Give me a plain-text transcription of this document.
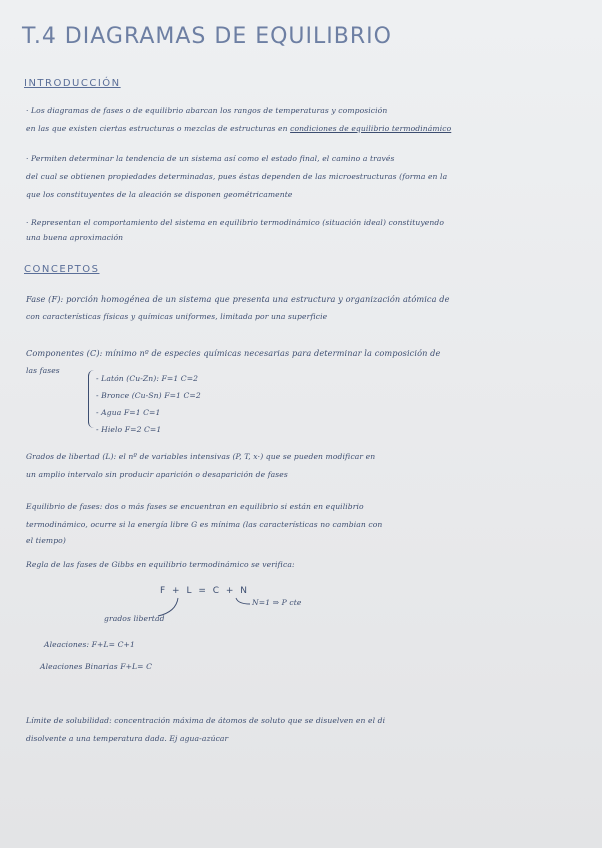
T.4 DIAGRAMAS DE EQUILIBRIO
INTRODUCCIÓN
· Los diagramas de fases o de equilibrio abarcan los rangos de temperaturas y composición
en las que existen ciertas estructuras o mezclas de estructuras en condiciones de equilibrio termodinámico
· Permiten determinar la tendencia de un sistema así como el estado final, el camino a través
del cual se obtienen propiedades determinadas, pues éstas dependen de las microestructuras (forma en la
que los constituyentes de la aleación se disponen geométricamente
· Representan el comportamiento del sistema en equilibrio termodinámico (situación ideal) constituyendo
una buena aproximación
CONCEPTOS
Fase (F): porción homogénea de un sistema que presenta una estructura y organización atómica de
con características físicas y químicas uniformes, limitada por una superficie
Componentes (C): mínimo nº de especies químicas necesarias para determinar la composición de
las fases
- Latón (Cu-Zn): F=1 C=2
- Bronce (Cu-Sn) F=1 C=2
- Agua F=1 C=1
- Hielo F=2 C=1
Grados de libertad (L): el nº de variables intensivas (P, T, x·) que se pueden modificar en
un amplio intervalo sin producir aparición o desaparición de fases
Equilibrio de fases: dos o más fases se encuentran en equilibrio si están en equilibrio
termodinámico, ocurre si la energía libre G es mínima (las características no cambian con
el tiempo)
Regla de las fases de Gibbs en equilibrio termodinámico se verifica:
F + L = C + N
N=1 ⇒ P cte
grados libertad
Aleaciones: F+L= C+1
Aleaciones Binarias F+L= C
Límite de solubilidad: concentración máxima de átomos de soluto que se disuelven en el di
disolvente a una temperatura dada. Ej agua-azúcar
